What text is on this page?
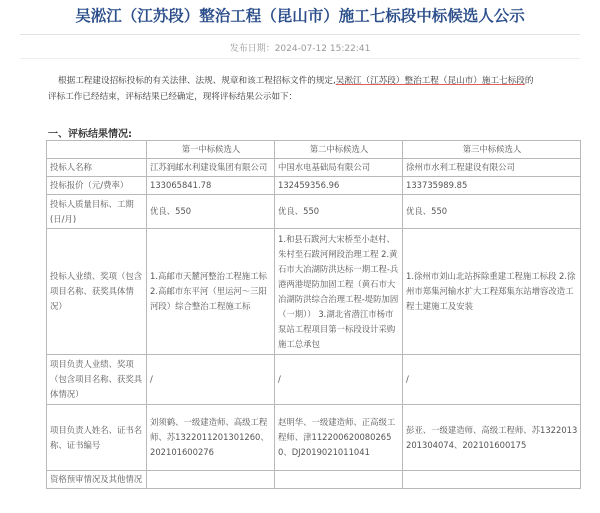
吴淞江（江苏段）整治工程（昆山市）施工七标段中标候选人公示
发布日期：2024-07-12 15:22:41
根据工程建设招标投标的有关法律、法规、规章和该工程招标文件的规定,吴淞江（江苏段）整治工程（昆山市）施工七标段的
评标工作已经结束，评标结果已经确定，现将评标结果公示如下：
一、评标结果情况:
	第一中标候选人	第二中标候选人	第三中标候选人
投标人名称	江苏润邮水利建设集团有限公司	中国水电基础局有限公司	徐州市水利工程建设有限公司
投标报价（元/费率）	133065841.78	132459356.96	133735989.85
投标人质量目标、工期(日/月)	优良、550	优良、550	优良、550
投标人业绩、奖项（包含项目名称、获奖具体情况）	1.高邮市天麓河整治工程施工标 2.高邮市东平河（里运河～三阳河段）综合整治工程施工标	1.和县石跋河大宋桥至小赵村、朱村至石跋河闸段治理工程 2.黄石市大冶湖防洪达标一期工程-兵港两港堤防加固工程（黄石市大冶湖防洪综合治理工程-堤防加固（一期）） 3.湖北省潜江市杨市泵站工程项目第一标段设计采购施工总承包	1.徐州市刘山北站拆除重建工程施工标段 2.徐州市郑集河输水扩大工程郑集东站增容改造工程土建施工及安装
项目负责人业绩、奖项（包含项目名称、获奖具体情况）	/	/	/
项目负责人姓名、证书名称、证书编号	刘须鹤、一级建造师、高级工程师、苏1322011201301260、202101600276	赵明华、一级建造师、正高级工程师、津1122006200802650、DJ2019021011041	彭亚、一级建造师、高级工程师、苏1322013201304074、202101600175
资格预审情况及其他情况			
